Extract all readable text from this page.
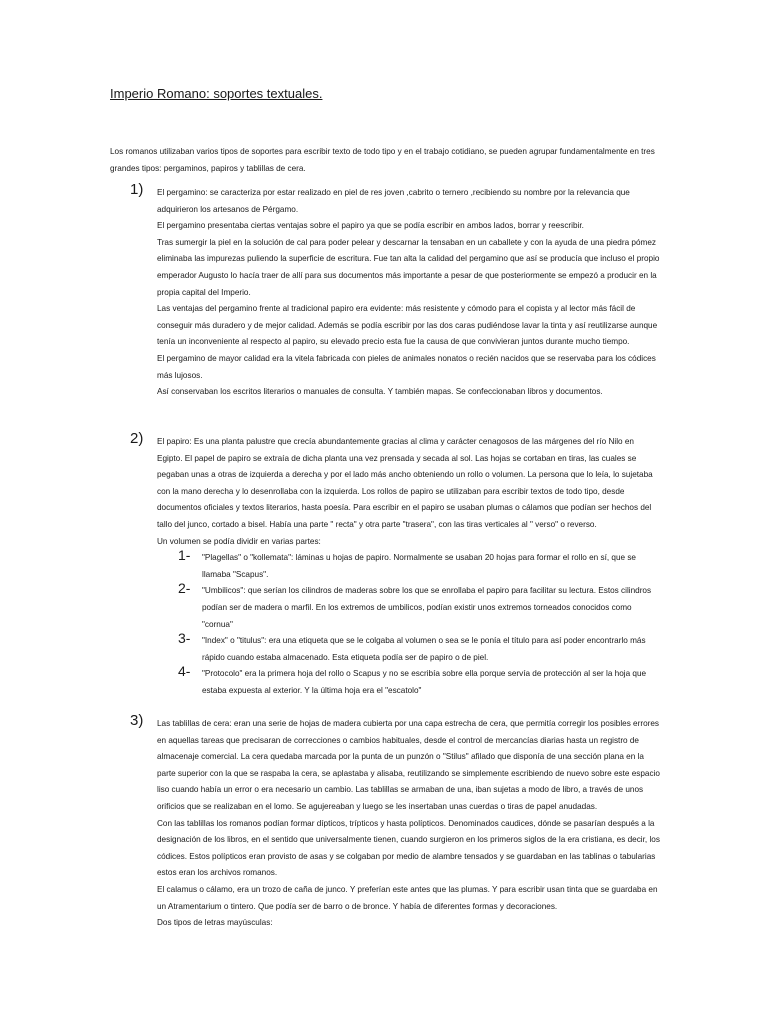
Imperio Romano: soportes textuales.

Los romanos utilizaban varios tipos de soportes para escribir texto de todo tipo y en el trabajo cotidiano, se pueden agrupar fundamentalmente en tres grandes tipos: pergaminos, papiros y tablillas de cera.

1) El pergamino: se caracteriza por estar realizado en piel de res joven ,cabrito o ternero ,recibiendo su nombre por la relevancia que adquirieron los artesanos de Pérgamo.

El pergamino presentaba ciertas ventajas sobre el papiro ya que se podía escribir en ambos lados, borrar y reescribir.

Tras sumergir la piel en la solución de cal para poder pelear y descarnar la tensaban en un caballete y con la ayuda de una piedra pómez eliminaba las impurezas puliendo la superficie de escritura. Fue tan alta la calidad del pergamino que así se producía que incluso el propio emperador Augusto lo hacía traer de allí para sus documentos más importante a pesar de que posteriormente se empezó a producir en la propia capital del Imperio.

Las ventajas del pergamino frente al tradicional papiro era evidente: más resistente y cómodo para el copista y al lector más fácil de conseguir más duradero y de mejor calidad. Además se podía escribir por las dos caras pudiéndose lavar la tinta y así reutilizarse aunque tenía un inconveniente al respecto al papiro, su elevado precio esta fue la causa de que convivieran juntos durante mucho tiempo.

El pergamino de mayor calidad era la vitela fabricada con pieles de animales nonatos o recién nacidos que se reservaba para los códices más lujosos.

Así conservaban los escritos literarios o manuales de consulta. Y también mapas. Se confeccionaban libros y documentos.

2) El papiro: Es una planta palustre que crecía abundantemente gracias al clima y carácter cenagosos de las márgenes del río Nilo en Egipto. El papel de papiro se extraía de dicha planta una vez prensada y secada al sol. Las hojas se cortaban en tiras, las cuales se pegaban unas a otras de izquierda a derecha y por el lado más ancho obteniendo un rollo o volumen. La persona que lo leía, lo sujetaba con la mano derecha y lo desenrollaba con la izquierda. Los rollos de papiro se utilizaban para escribir textos de todo tipo, desde documentos oficiales y textos literarios, hasta poesía. Para escribir en el papiro se usaban plumas o cálamos que podían ser hechos del tallo del junco, cortado a bisel. Había una parte " recta" y otra parte "trasera", con las tiras verticales al " verso" o reverso.

Un volumen se podía dividir en varias partes:

1- "Plagellas" o "kollemata": láminas u hojas de papiro. Normalmente se usaban 20 hojas para formar el rollo en sí, que se llamaba "Scapus".

2- "Umbilicos": que serían los cilindros de maderas sobre los que se enrollaba el papiro para facilitar su lectura. Estos cilindros podían ser de madera o marfil. En los extremos de umbilicos, podían existir unos extremos torneados conocidos como "cornua"

3- "Index" o "titulus": era una etiqueta que se le colgaba al volumen o sea se le ponía el título para así poder encontrarlo más rápido cuando estaba almacenado. Esta etiqueta podía ser de papiro o de piel.

4- "Protocolo" era la primera hoja del rollo o Scapus y no se escribía sobre ella porque servía de protección al ser la hoja que estaba expuesta al exterior. Y la última hoja era el "escatolo"

3) Las tablillas de cera: eran una serie de hojas de madera cubierta por una capa estrecha de cera, que permitía corregir los posibles errores en aquellas tareas que precisaran de correcciones o cambios habituales, desde el control de mercancías diarias hasta un registro de almacenaje comercial. La cera quedaba marcada por la punta de un punzón o "Stilus" afilado que disponía de una sección plana en la parte superior con la que se raspaba la cera, se aplastaba y alisaba, reutilizando se simplemente escribiendo de nuevo sobre este espacio liso cuando había un error o era necesario un cambio. Las tablillas se armaban de una, iban sujetas a modo de libro, a través de unos orificios que se realizaban en el lomo. Se agujereaban y luego se les insertaban unas cuerdas o tiras de papel anudadas.

Con las tablillas los romanos podían formar dípticos, trípticos y hasta polípticos. Denominados caudices, dónde se pasarían después a la designación de los libros, en el sentido que universalmente tienen, cuando surgieron en los primeros siglos de la era cristiana, es decir, los códices. Estos polípticos eran provisto de asas y se colgaban por medio de alambre tensados y se guardaban en las tablinas o tabularias estos eran los archivos romanos.

El calamus o cálamo, era un trozo de caña de junco. Y preferían este antes que las plumas. Y para escribir usan tinta que se guardaba en un Atramentarium o tintero. Que podía ser de barro o de bronce. Y había de diferentes formas y decoraciones.

Dos tipos de letras mayúsculas:
